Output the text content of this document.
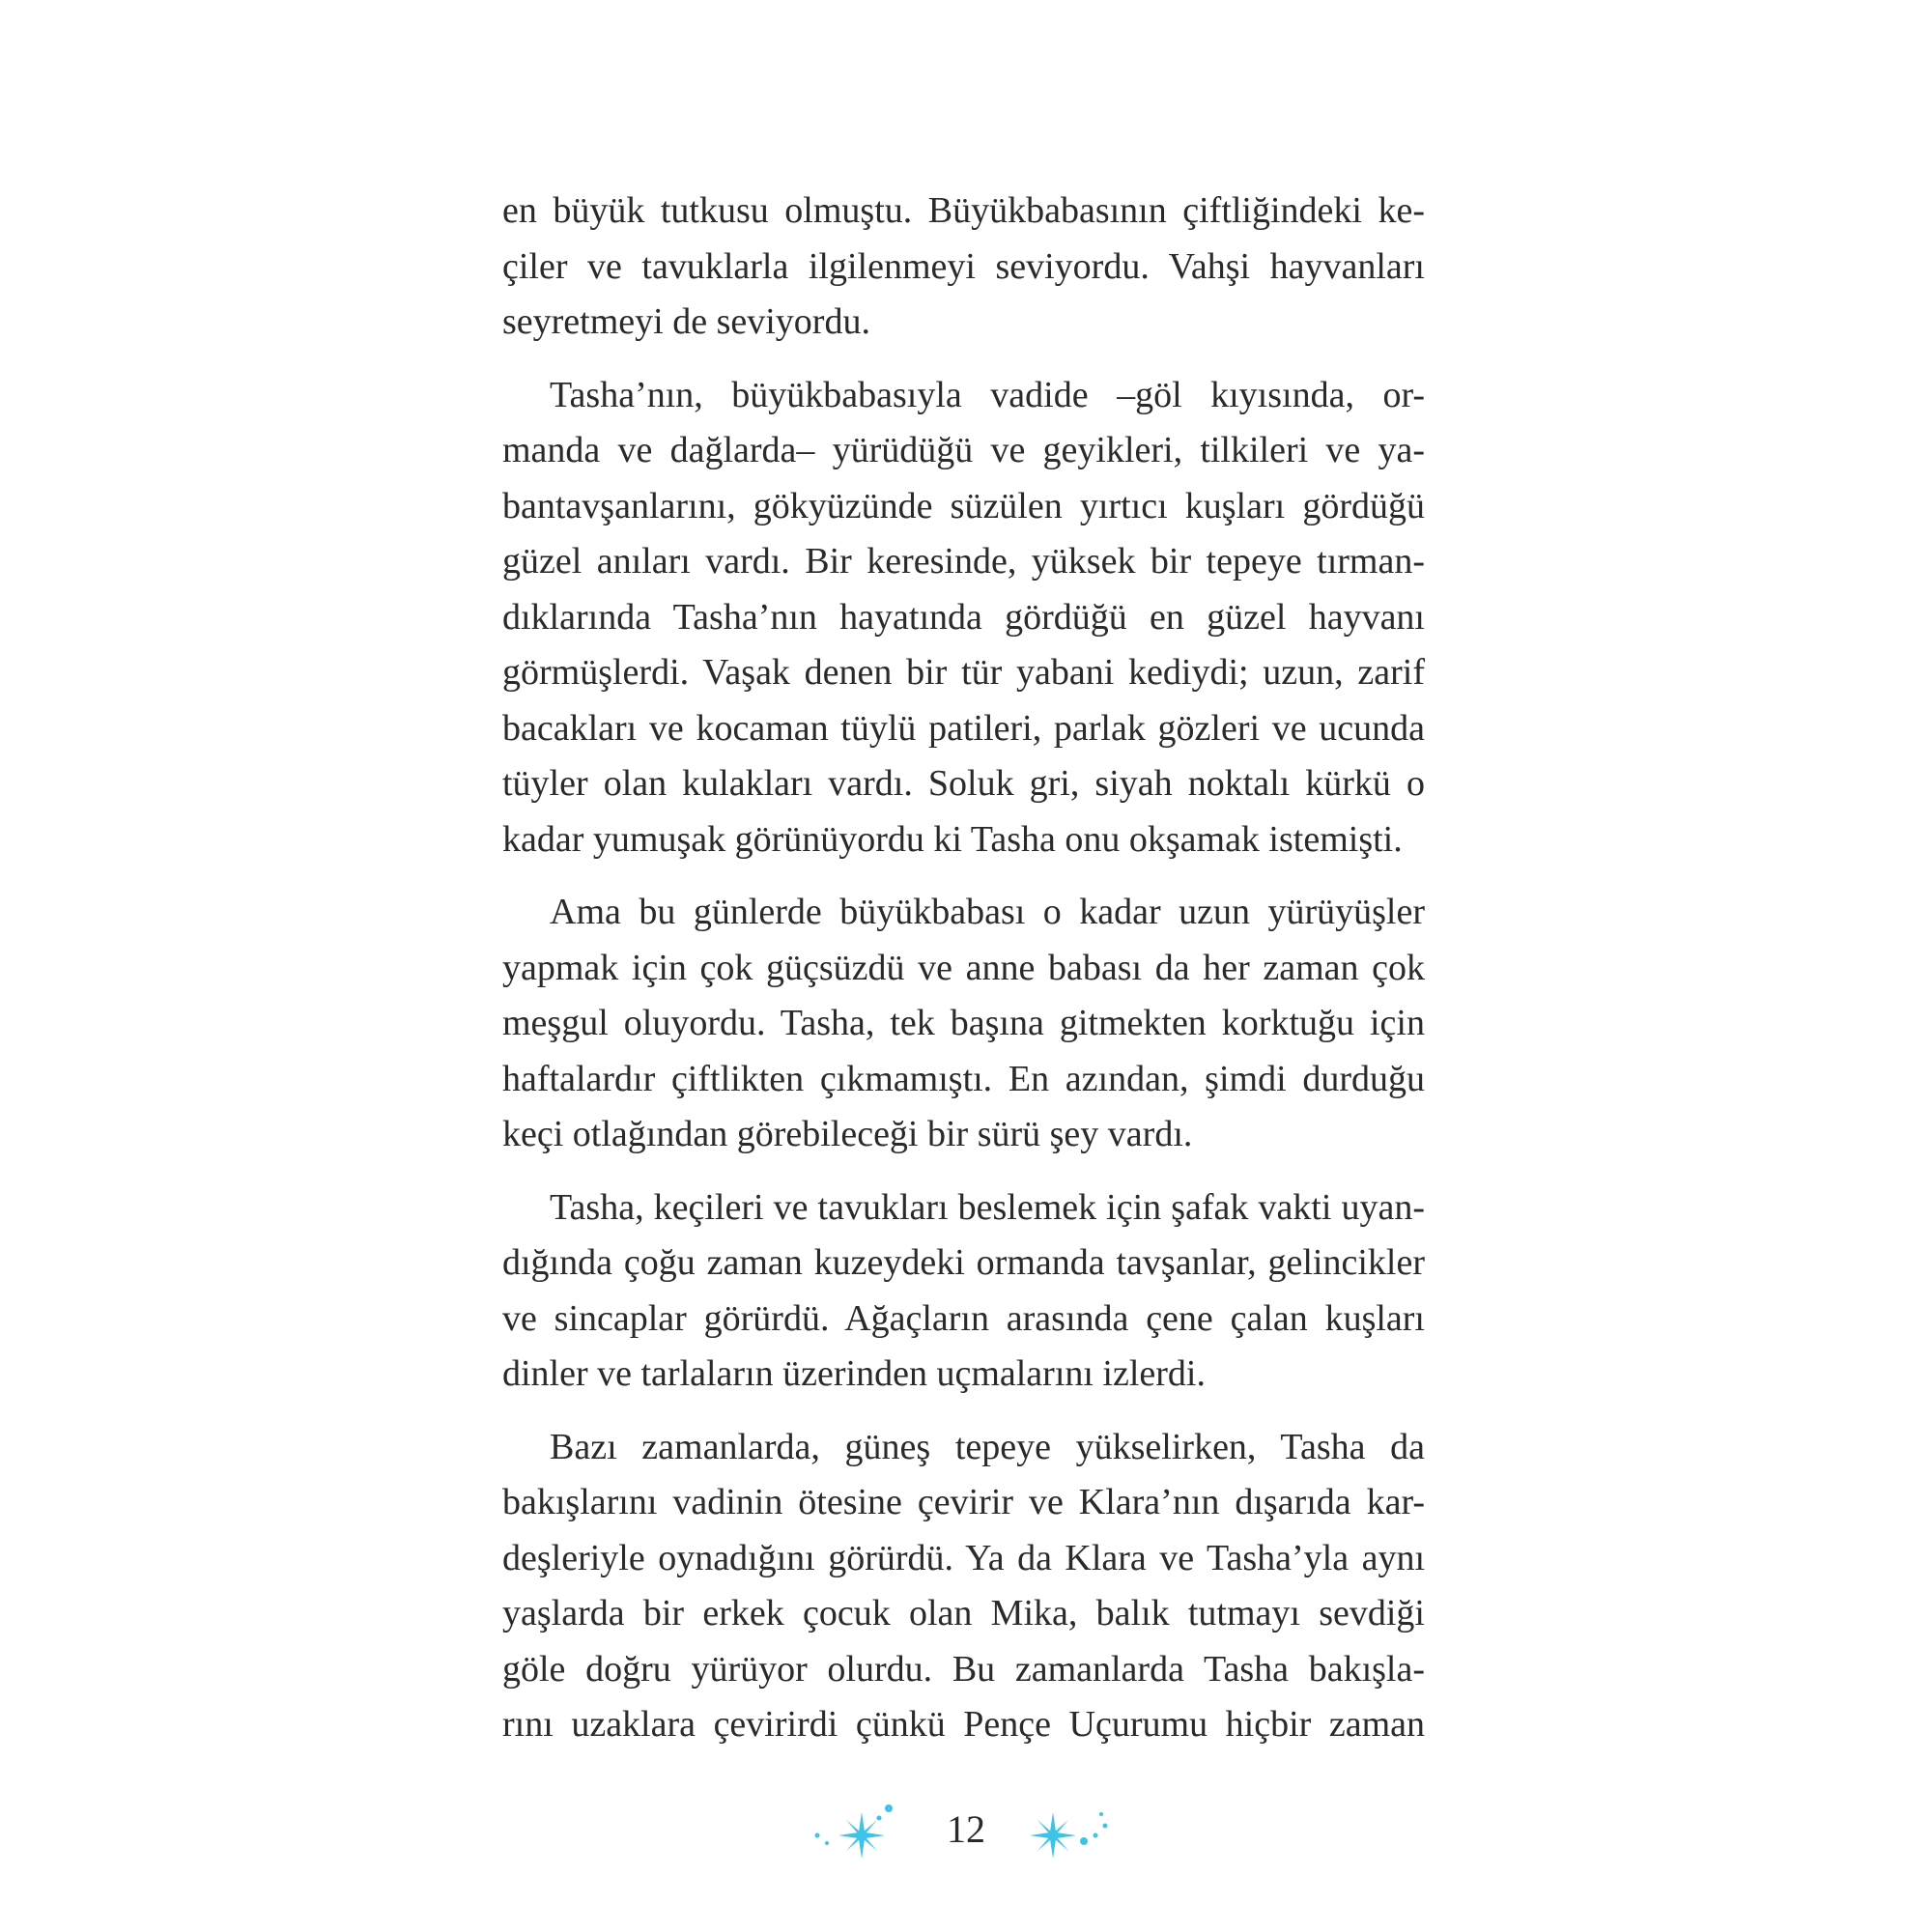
en büyük tutkusu olmuştu. Büyükbabasının çiftliğindeki ke-
çiler ve tavuklarla ilgilenmeyi seviyordu. Vahşi hayvanları
seyretmeyi de seviyordu.

Tasha’nın, büyükbabasıyla vadide –göl kıyısında, or-
manda ve dağlarda– yürüdüğü ve geyikleri, tilkileri ve ya-
bantavşanlarını, gökyüzünde süzülen yırtıcı kuşları gördüğü
güzel anıları vardı. Bir keresinde, yüksek bir tepeye tırman-
dıklarında Tasha’nın hayatında gördüğü en güzel hayvanı
görmüşlerdi. Vaşak denen bir tür yabani kediydi; uzun, zarif
bacakları ve kocaman tüylü patileri, parlak gözleri ve ucunda
tüyler olan kulakları vardı. Soluk gri, siyah noktalı kürkü o
kadar yumuşak görünüyordu ki Tasha onu okşamak istemişti.

Ama bu günlerde büyükbabası o kadar uzun yürüyüşler
yapmak için çok güçsüzdü ve anne babası da her zaman çok
meşgul oluyordu. Tasha, tek başına gitmekten korktuğu için
haftalardır çiftlikten çıkmamıştı. En azından, şimdi durduğu
keçi otlağından görebileceği bir sürü şey vardı.

Tasha, keçileri ve tavukları beslemek için şafak vakti uyan-
dığında çoğu zaman kuzeydeki ormanda tavşanlar, gelincikler
ve sincaplar görürdü. Ağaçların arasında çene çalan kuşları
dinler ve tarlaların üzerinden uçmalarını izlerdi.

Bazı zamanlarda, güneş tepeye yükselirken, Tasha da
bakışlarını vadinin ötesine çevirir ve Klara’nın dışarıda kar-
deşleriyle oynadığını görürdü. Ya da Klara ve Tasha’yla aynı
yaşlarda bir erkek çocuk olan Mika, balık tutmayı sevdiği
göle doğru yürüyor olurdu. Bu zamanlarda Tasha bakışla-
rını uzaklara çevirirdi çünkü Pençe Uçurumu hiçbir zaman

12
